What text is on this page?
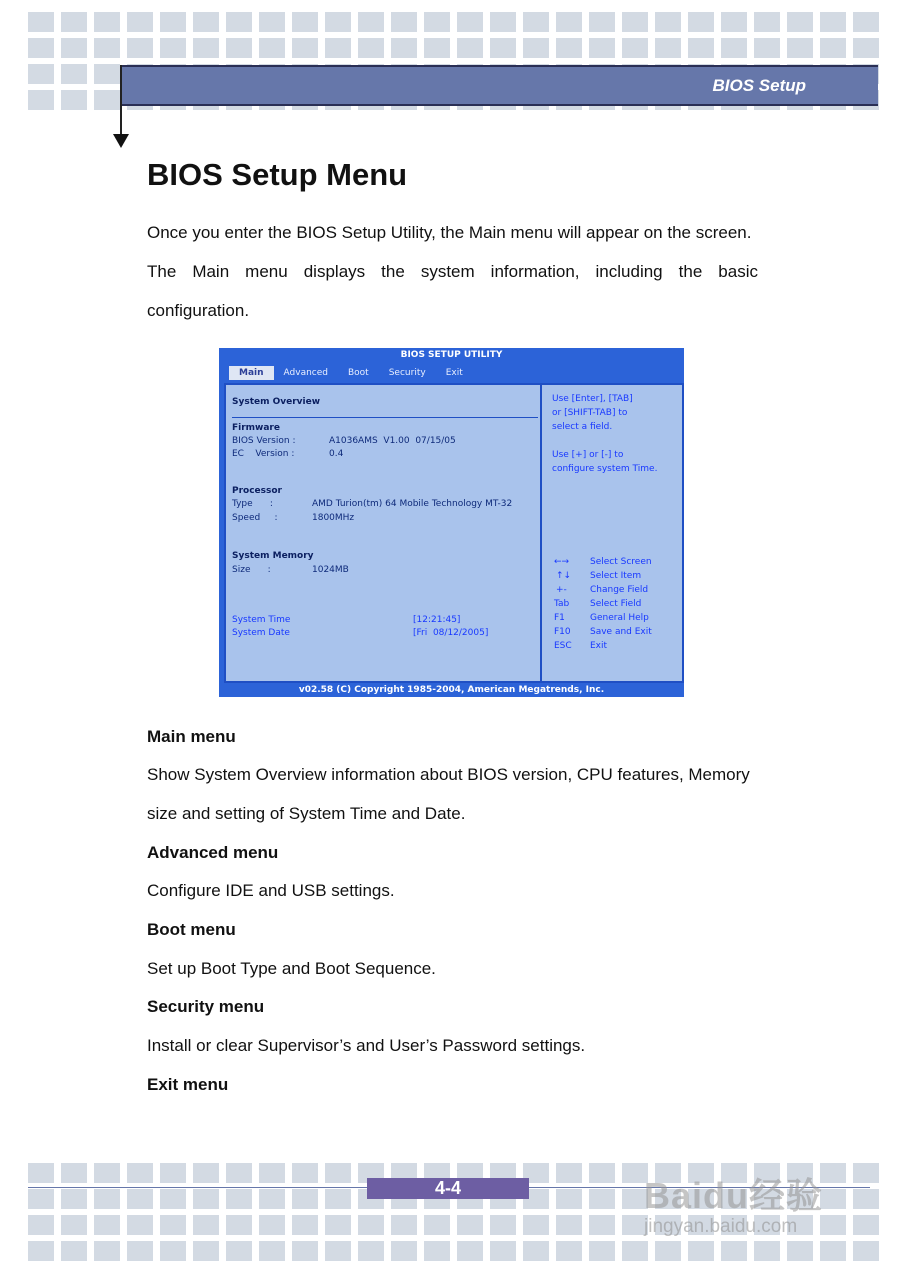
BIOS Setup
BIOS Setup Menu

Once you enter the BIOS Setup Utility, the Main menu will appear on the screen.

The Main menu displays the system information, including the basic configuration.

BIOS SETUP UTILITY
Main	Advanced	Boot	Security	Exit
System Overview
Firmware
BIOS Version :	A1036AMS  V1.00  07/15/05
EC    Version :	0.4
Processor
Type      :	AMD Turion(tm) 64 Mobile Technology MT-32
Speed     :	1800MHz
System Memory
Size      :	1024MB
System Time	[12:21:45]
System Date	[Fri  08/12/2005]
Use [Enter], [TAB]
or [SHIFT-TAB] to
select a field.
Use [+] or [-] to
configure system Time.
←→ Select Screen
↑↓ Select Item
+-	Change Field
Tab Select Field
F1	General Help
F10 Save and Exit
ESC Exit
v02.58 (C) Copyright 1985-2004, American Megatrends, Inc.

Main menu

Show System Overview information about BIOS version, CPU features, Memory size and setting of System Time and Date.

Advanced menu

Configure IDE and USB settings.

Boot menu

Set up Boot Type and Boot Sequence.

Security menu

Install or clear Supervisor’s and User’s Password settings.

Exit menu

4-4	Baidu经验
jingyan.baidu.com
